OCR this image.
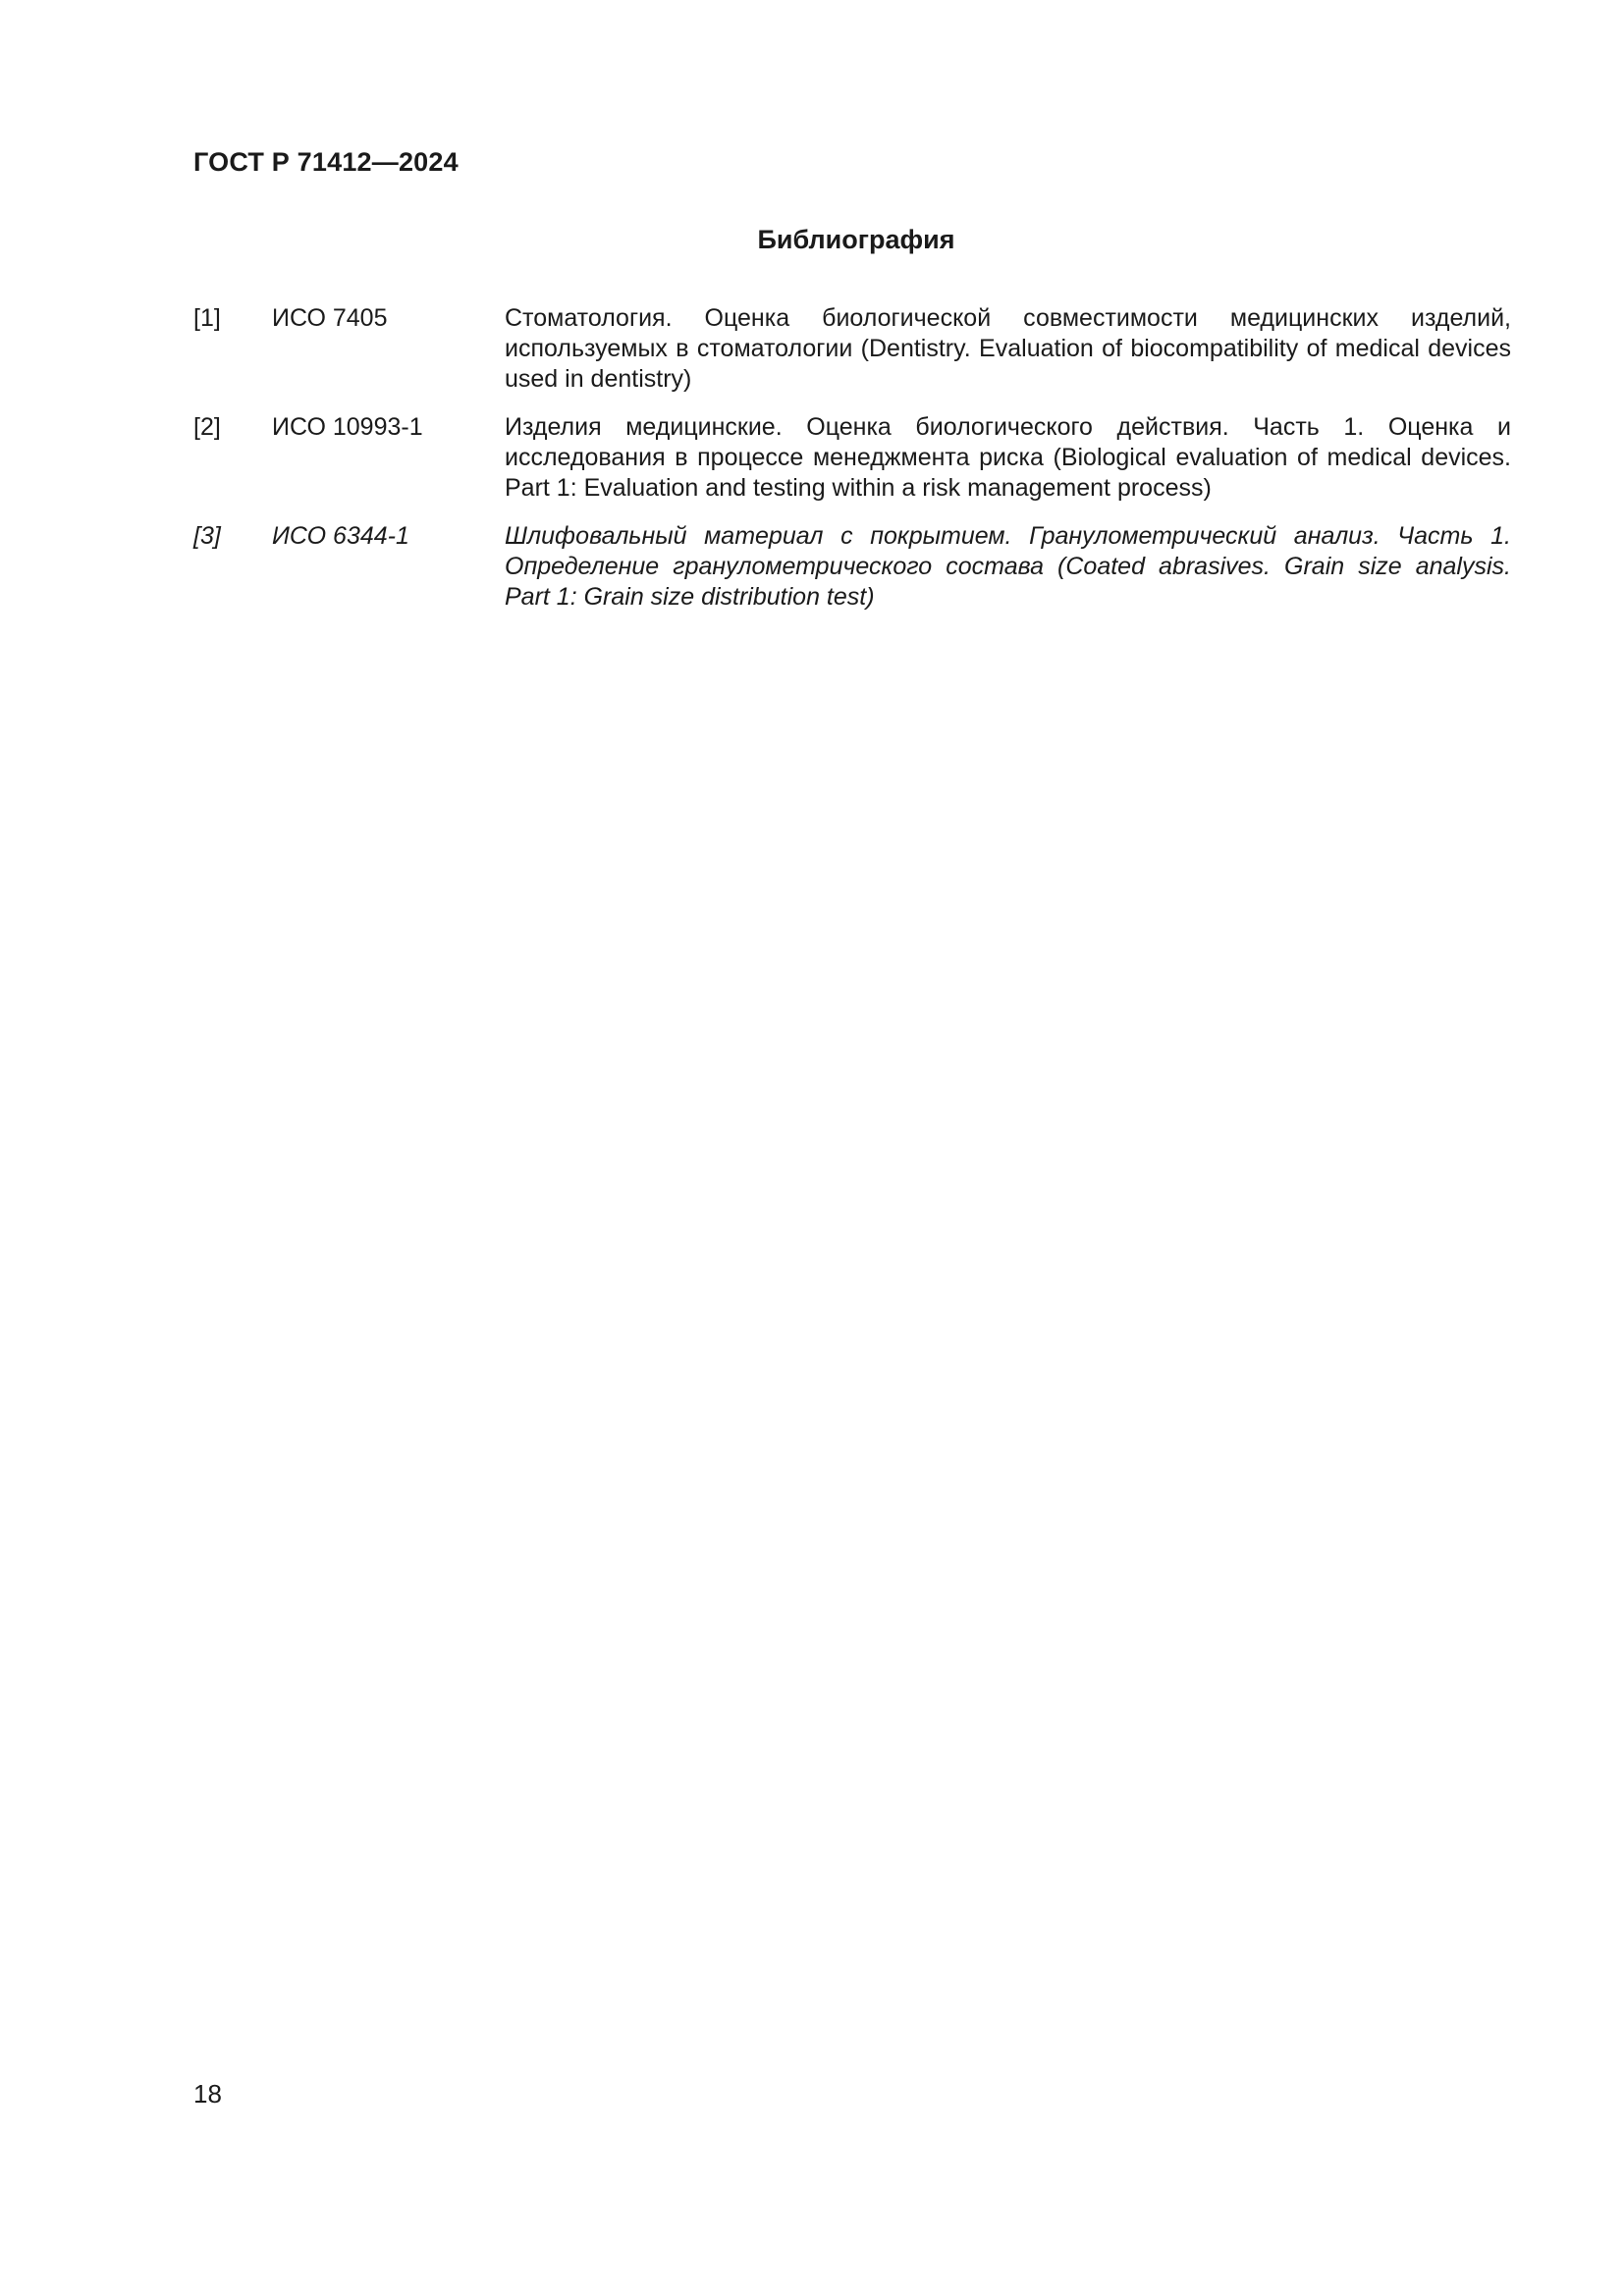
ГОСТ Р 71412—2024
Библиография
[1] ИСО 7405	Стоматология. Оценка биологической совместимости медицинских изделий, используемых в стоматологии (Dentistry. Evaluation of biocompatibility of medical devices used in dentistry)
[2] ИСО 10993-1	Изделия медицинские. Оценка биологического действия. Часть 1. Оценка и исследования в процессе менеджмента риска (Biological evaluation of medical devices. Part 1: Evaluation and testing within a risk management process)
[3] ИСО 6344-1	Шлифовальный материал с покрытием. Гранулометрический анализ. Часть 1. Определение гранулометрического состава (Coated abrasives. Grain size analysis. Part 1: Grain size distribution test)
18
